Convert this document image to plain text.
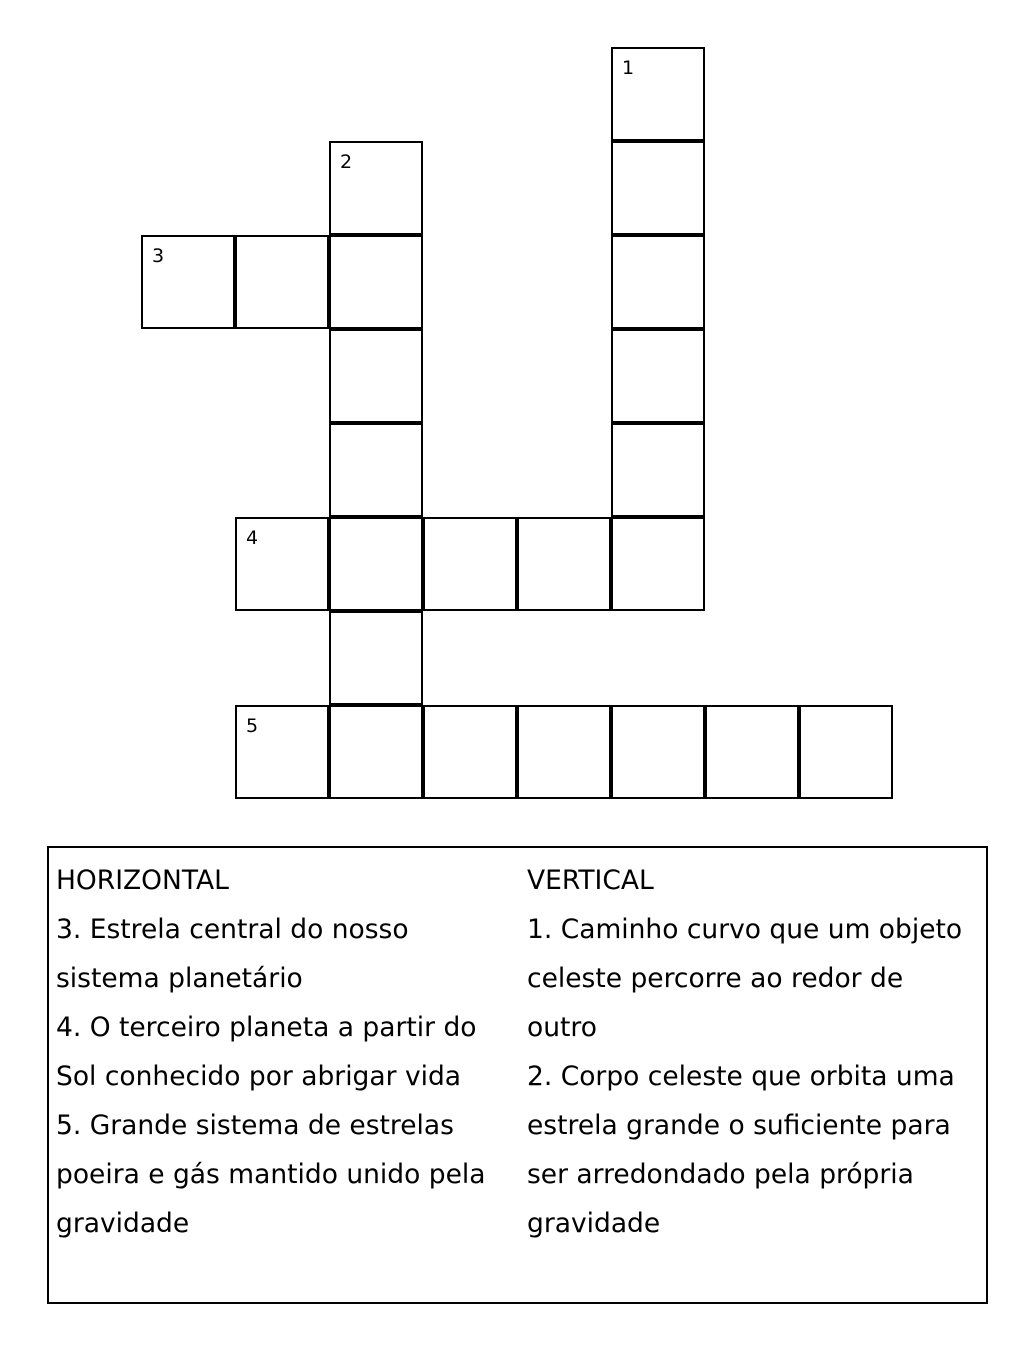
1
2
3
4
5
HORIZONTAL
3. Estrela central do nosso sistema planetário
4. O terceiro planeta a partir do Sol conhecido por abrigar vida
5. Grande sistema de estrelas poeira e gás mantido unido pela gravidade
VERTICAL
1. Caminho curvo que um objeto celeste percorre ao redor de outro
2. Corpo celeste que orbita uma estrela grande o suficiente para ser arredondado pela própria gravidade
